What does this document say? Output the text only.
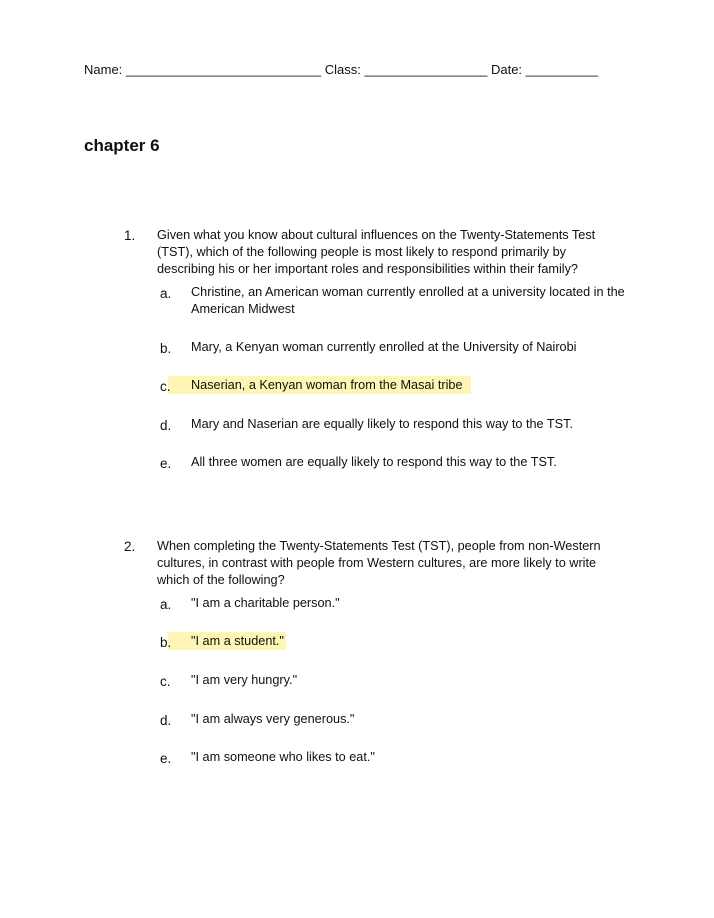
Name: ___________________________ Class: _________________ Date: __________
chapter 6
1. Given what you know about cultural influences on the Twenty-Statements Test (TST), which of the following people is most likely to respond primarily by describing his or her important roles and responsibilities within their family?
a. Christine, an American woman currently enrolled at a university located in the American Midwest
b. Mary, a Kenyan woman currently enrolled at the University of Nairobi
c. Naserian, a Kenyan woman from the Masai tribe
d. Mary and Naserian are equally likely to respond this way to the TST.
e. All three women are equally likely to respond this way to the TST.
2. When completing the Twenty-Statements Test (TST), people from non-Western cultures, in contrast with people from Western cultures, are more likely to write which of the following?
a. "I am a charitable person."
b. "I am a student."
c. "I am very hungry."
d. "I am always very generous."
e. "I am someone who likes to eat."
